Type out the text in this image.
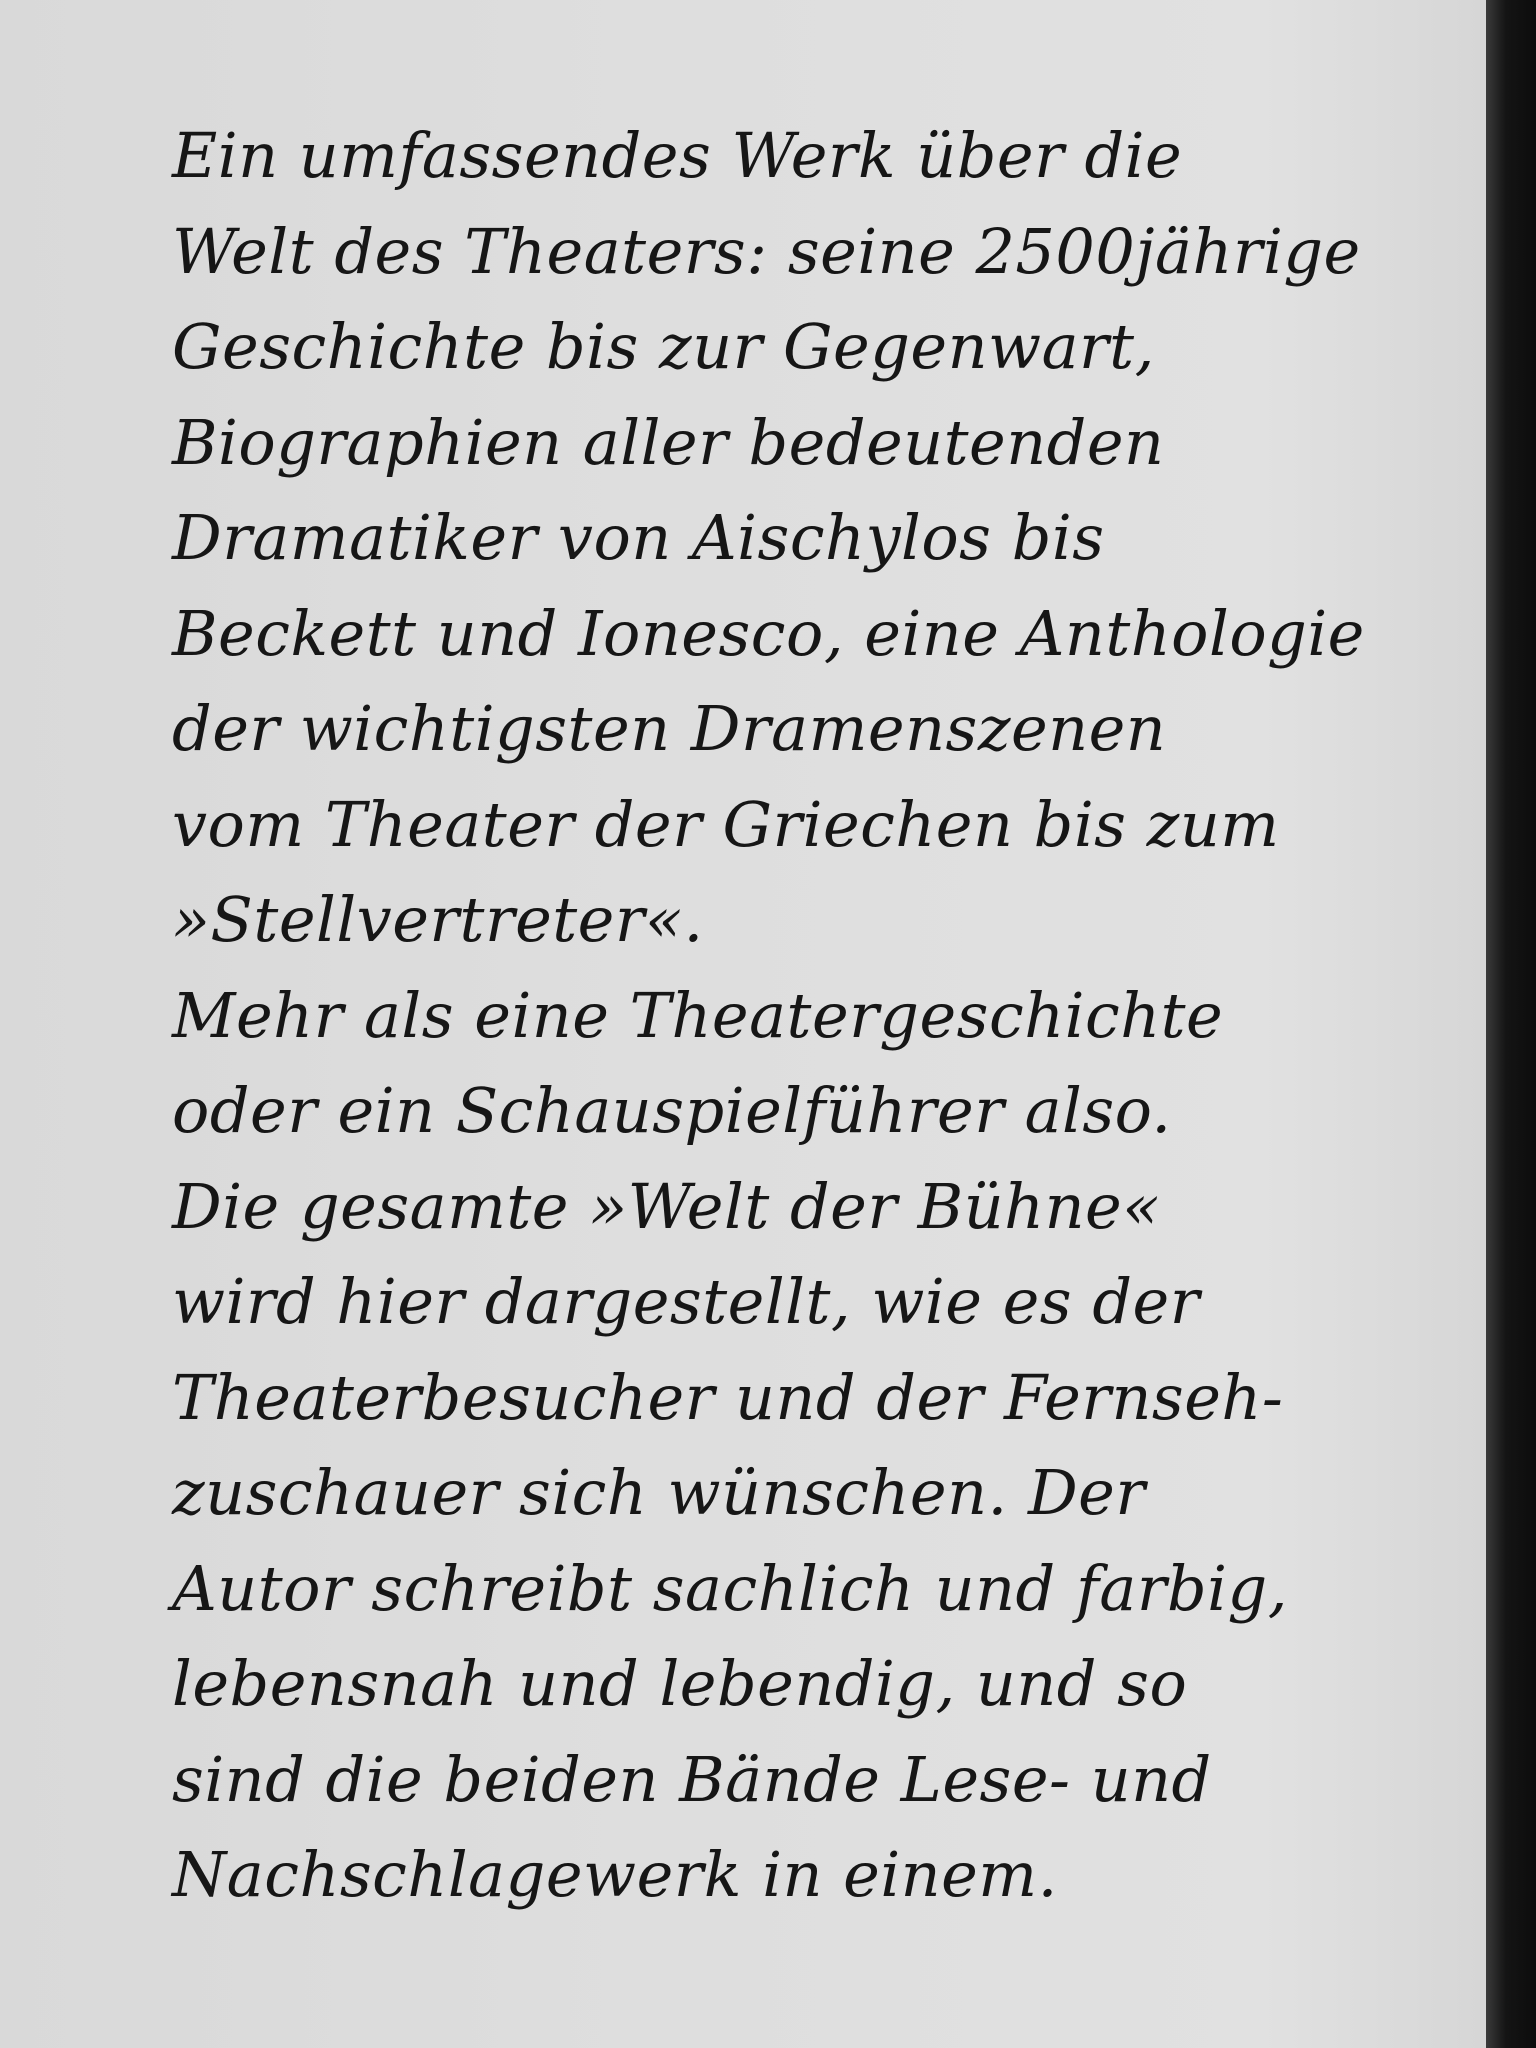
Ein umfassendes Werk über die
Welt des Theaters: seine 2500jährige
Geschichte bis zur Gegenwart,
Biographien aller bedeutenden
Dramatiker von Aischylos bis
Beckett und Ionesco, eine Anthologie
der wichtigsten Dramenszenen
vom Theater der Griechen bis zum
»Stellvertreter«.
Mehr als eine Theatergeschichte
oder ein Schauspielführer also.
Die gesamte »Welt der Bühne«
wird hier dargestellt, wie es der
Theaterbesucher und der Fernseh-
zuschauer sich wünschen. Der
Autor schreibt sachlich und farbig,
lebensnah und lebendig, und so
sind die beiden Bände Lese- und
Nachschlagewerk in einem.
